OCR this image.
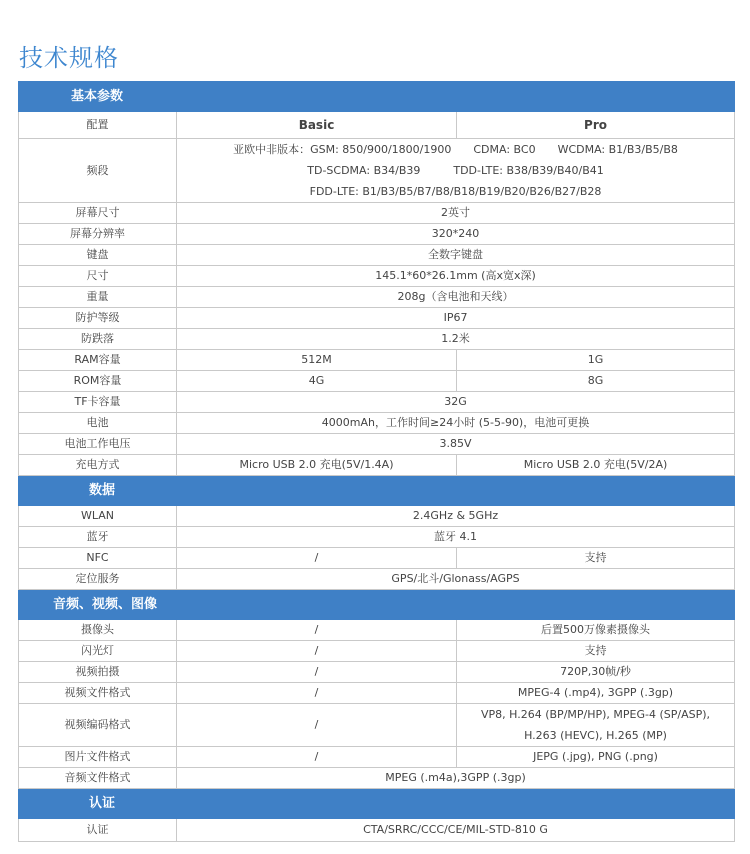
技术规格
基本参数		
配置	Basic	Pro
频段	亚欧中非版本：GSM: 850/900/1800/1900　　CDMA: BC0　　WCDMA: B1/B3/B5/B8
TD-SCDMA: B34/B39　　　TDD-LTE: B38/B39/B40/B41
FDD-LTE: B1/B3/B5/B7/B8/B18/B19/B20/B26/B27/B28	

屏幕尺寸	2英寸	
屏幕分辨率	320*240	
键盘	全数字键盘	
尺寸	145.1*60*26.1mm (高x宽x深)	
重量	208g（含电池和天线）	
防护等级	IP67	
防跌落	1.2米	
RAM容量	512M	1G
ROM容量	4G	8G
TF卡容量	32G	
电池	4000mAh，工作时间≥24小时 (5-5-90)，电池可更换	
电池工作电压	3.85V	
充电方式	Micro USB 2.0 充电(5V/1.4A)	Micro USB 2.0 充电(5V/2A)
数据		
WLAN	2.4GHz & 5GHz	
蓝牙	蓝牙 4.1	
NFC	/	支持
定位服务	GPS/北斗/Glonass/AGPS	
音频、视频、图像		
摄像头	/	后置500万像素摄像头
闪光灯	/	支持
视频拍摄	/	720P,30帧/秒
视频文件格式	/	MPEG-4 (.mp4), 3GPP (.3gp)
视频编码格式	/	VP8, H.264 (BP/MP/HP), MPEG-4 (SP/ASP),
H.263 (HEVC), H.265 (MP)

图片文件格式	/	JEPG (.jpg), PNG (.png)
音频文件格式	MPEG (.m4a),3GPP (.3gp)	
认证		
认证	CTA/SRRC/CCC/CE/MIL-STD-810 G	
